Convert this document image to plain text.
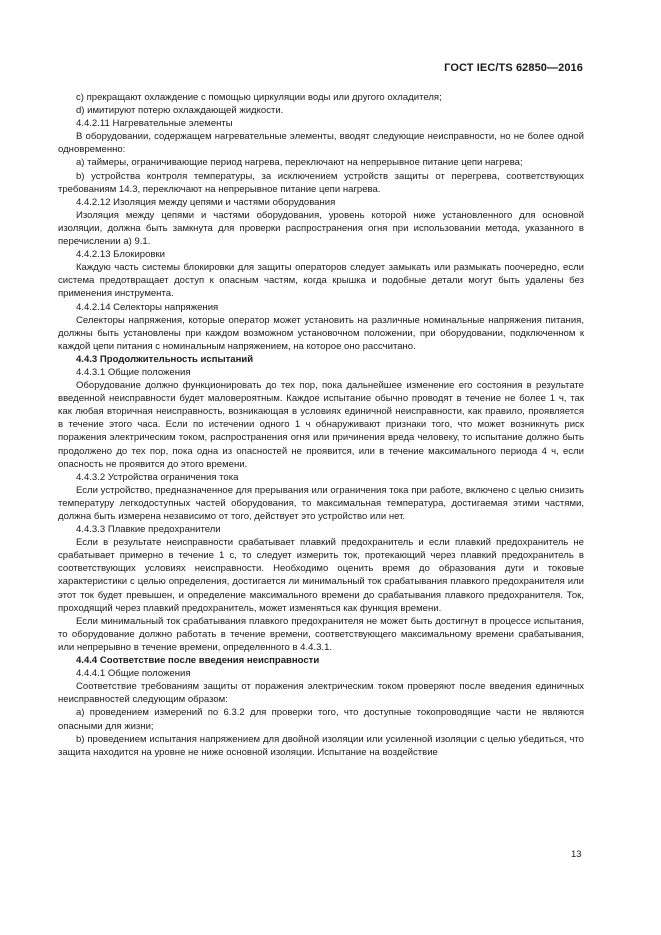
ГОСТ IEC/TS 62850—2016

c) прекращают охлаждение с помощью циркуляции воды или другого охладителя;

d) имитируют потерю охлаждающей жидкости.

4.4.2.11 Нагревательные элементы

В оборудовании, содержащем нагревательные элементы, вводят следующие неисправности, но не более одной одновременно:

a) таймеры, ограничивающие период нагрева, переключают на непрерывное питание цепи нагрева;

b) устройства контроля температуры, за исключением устройств защиты от перегрева, соответствующих требованиям 14.3, переключают на непрерывное питание цепи нагрева.

4.4.2.12 Изоляция между цепями и частями оборудования

Изоляция между цепями и частями оборудования, уровень которой ниже установленного для основной изоляции, должна быть замкнута для проверки распространения огня при использовании метода, указанного в перечислении а) 9.1.

4.4.2.13 Блокировки

Каждую часть системы блокировки для защиты операторов следует замыкать или размыкать поочередно, если система предотвращает доступ к опасным частям, когда крышка и подобные детали могут быть удалены без применения инструмента.

4.4.2.14 Селекторы напряжения

Селекторы напряжения, которые оператор может установить на различные номинальные напряжения питания, должны быть установлены при каждом возможном установочном положении, при оборудовании, подключенном к каждой цепи питания с номинальным напряжением, на которое оно рассчитано.

4.4.3 Продолжительность испытаний

4.4.3.1 Общие положения

Оборудование должно функционировать до тех пор, пока дальнейшее изменение его состояния в результате введенной неисправности будет маловероятным. Каждое испытание обычно проводят в течение не более 1 ч, так как любая вторичная неисправность, возникающая в условиях единичной неисправности, как правило, проявляется в течение этого часа. Если по истечении одного 1 ч обнаруживают признаки того, что может возникнуть риск поражения электрическим током, распространения огня или причинения вреда человеку, то испытание должно быть продолжено до тех пор, пока одна из опасностей не проявится, или в течение максимального периода 4 ч, если опасность не проявится до этого времени.

4.4.3.2 Устройства ограничения тока

Если устройство, предназначенное для прерывания или ограничения тока при работе, включено с целью снизить температуру легкодоступных частей оборудования, то максимальная температура, достигаемая этими частями, должна быть измерена независимо от того, действует это устройство или нет.

4.4.3.3 Плавкие предохранители

Если в результате неисправности срабатывает плавкий предохранитель и если плавкий предохранитель не срабатывает примерно в течение 1 с, то следует измерить ток, протекающий через плавкий предохранитель в соответствующих условиях неисправности. Необходимо оценить время до образования дуги и токовые характеристики с целью определения, достигается ли минимальный ток срабатывания плавкого предохранителя или этот ток будет превышен, и определение максимального времени до срабатывания плавкого предохранителя. Ток, проходящий через плавкий предохранитель, может изменяться как функция времени.

Если минимальный ток срабатывания плавкого предохранителя не может быть достигнут в процессе испытания, то оборудование должно работать в течение времени, соответствующего максимальному времени срабатывания, или непрерывно в течение времени, определенного в 4.4.3.1.

4.4.4 Соответствие после введения неисправности

4.4.4.1 Общие положения

Соответствие требованиям защиты от поражения электрическим током проверяют после введения единичных неисправностей следующим образом:

a) проведением измерений по 6.3.2 для проверки того, что доступные токопроводящие части не являются опасными для жизни;

b) проведением испытания напряжением для двойной изоляции или усиленной изоляции с целью убедиться, что защита находится на уровне не ниже основной изоляции. Испытание на воздействие

13
